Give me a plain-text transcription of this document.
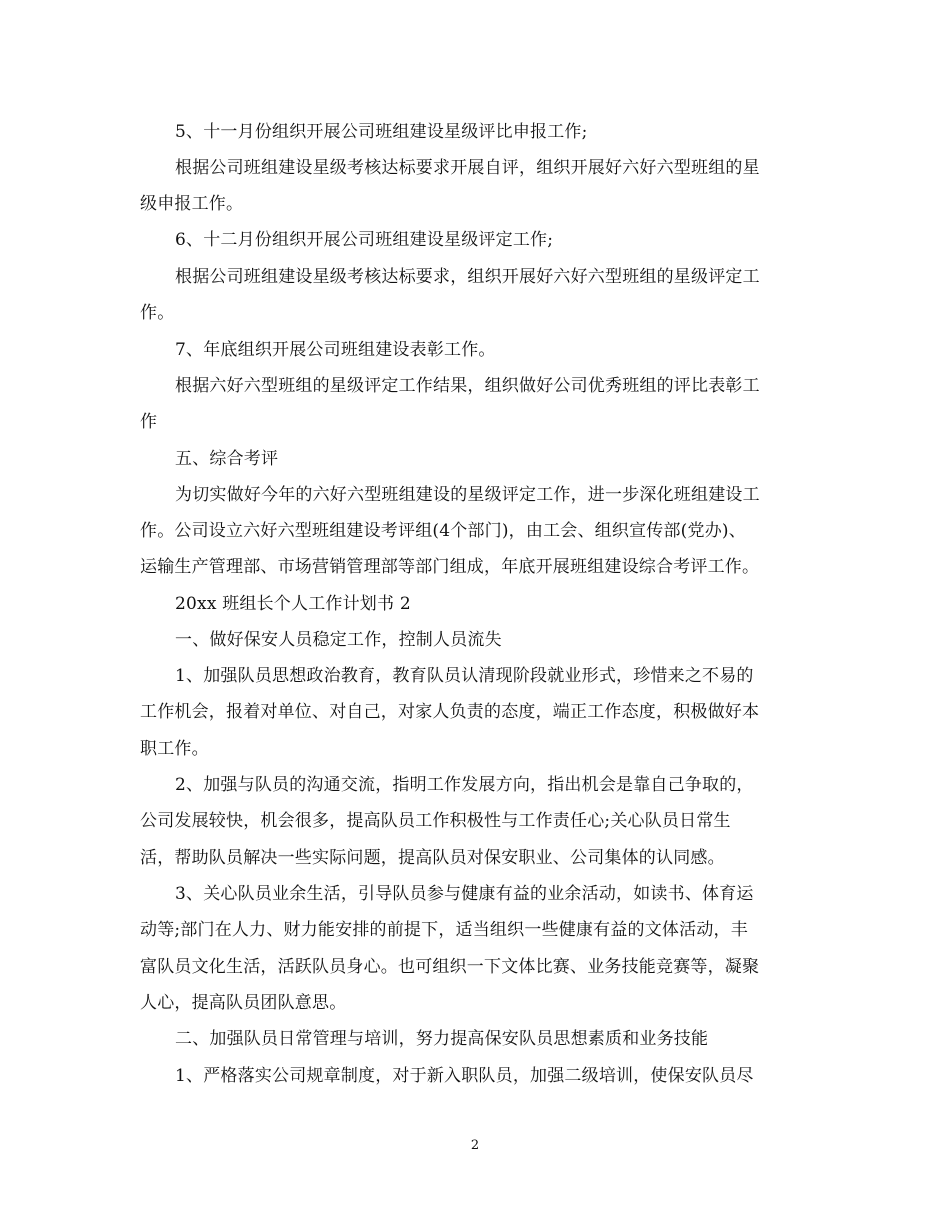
5、十一月份组织开展公司班组建设星级评比申报工作;
根据公司班组建设星级考核达标要求开展自评，组织开展好六好六型班组的星
级申报工作。
6、十二月份组织开展公司班组建设星级评定工作;
根据公司班组建设星级考核达标要求，组织开展好六好六型班组的星级评定工
作。
7、年底组织开展公司班组建设表彰工作。
根据六好六型班组的星级评定工作结果，组织做好公司优秀班组的评比表彰工
作
五、综合考评
为切实做好今年的六好六型班组建设的星级评定工作，进一步深化班组建设工
作。公司设立六好六型班组建设考评组(4个部门)，由工会、组织宣传部(党办)、
运输生产管理部、市场营销管理部等部门组成，年底开展班组建设综合考评工作。
20xx 班组长个人工作计划书 2
一、做好保安人员稳定工作，控制人员流失
1、加强队员思想政治教育，教育队员认清现阶段就业形式，珍惜来之不易的
工作机会，报着对单位、对自己，对家人负责的态度，端正工作态度，积极做好本
职工作。
2、加强与队员的沟通交流，指明工作发展方向，指出机会是靠自己争取的，
公司发展较快，机会很多，提高队员工作积极性与工作责任心;关心队员日常生
活，帮助队员解决一些实际问题，提高队员对保安职业、公司集体的认同感。
3、关心队员业余生活，引导队员参与健康有益的业余活动，如读书、体育运
动等;部门在人力、财力能安排的前提下，适当组织一些健康有益的文体活动，丰
富队员文化生活，活跃队员身心。也可组织一下文体比赛、业务技能竞赛等，凝聚
人心，提高队员团队意思。
二、加强队员日常管理与培训，努力提高保安队员思想素质和业务技能
1、严格落实公司规章制度，对于新入职队员，加强二级培训，使保安队员尽
2
